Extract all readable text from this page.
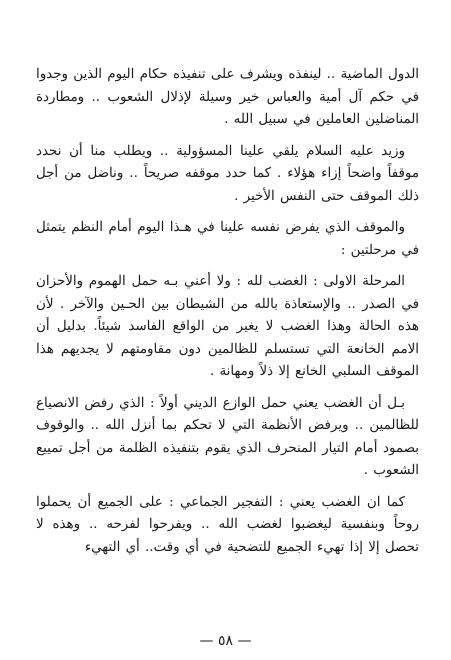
الدول الماضية .. لينفذه ويشرف على تنفيذه حكام اليوم الذين وجدوا في حكم آل أمية والعباس خير وسيلة لإذلال الشعوب .. ومطاردة المناضلين العاملين في سبيل الله .

وزيد عليه السلام يلقي علينا المسؤولية .. ويطلب منا أن نحدد موقفاً واضحاً إزاء هؤلاء . كما حدد موقفه صريحاً .. وناضل من أجل ذلك الموقف حتى النفس الأخير .

والموقف الذي يفرض نفسه علينا في هـذا اليوم أمام النظم يتمثل في مرحلتين :

المرحلة الاولى : الغضب لله : ولا أعني بـه حمل الهموم والأحزان في الصدر .. والإستعاذة بالله من الشيطان بين الحـين والآخر . لأن هذه الحالة وهذا الغضب لا يغير من الواقع الفاسد شيئاً. بدليل أن الامم الخانعة التي تستسلم للظالمين دون مقاومتهم لا يجديهم هذا الموقف السلبي الخانع إلا ذلاً ومهانة .

بـل أن الغضب يعني حمل الوازع الديني أولاً : الذي رفض الانصياع للظالمين .. ويرفض الأنظمة التي لا تحكم بما أنزل الله .. والوقوف بصمود أمام التيار المنحرف الذي يقوم بتنفيذه الظلمة من أجل تمييع الشعوب .

كما ان الغضب يعني : التفجير الجماعي : على الجميع أن يحملوا روحاً وبنفسية ليغضبوا لغضب الله .. ويفرحوا لفرحه .. وهذه لا تحصل إلا إذا تهيء الجميع للتضحية في أي وقت.. أي التهيء

— ٥٨ —
